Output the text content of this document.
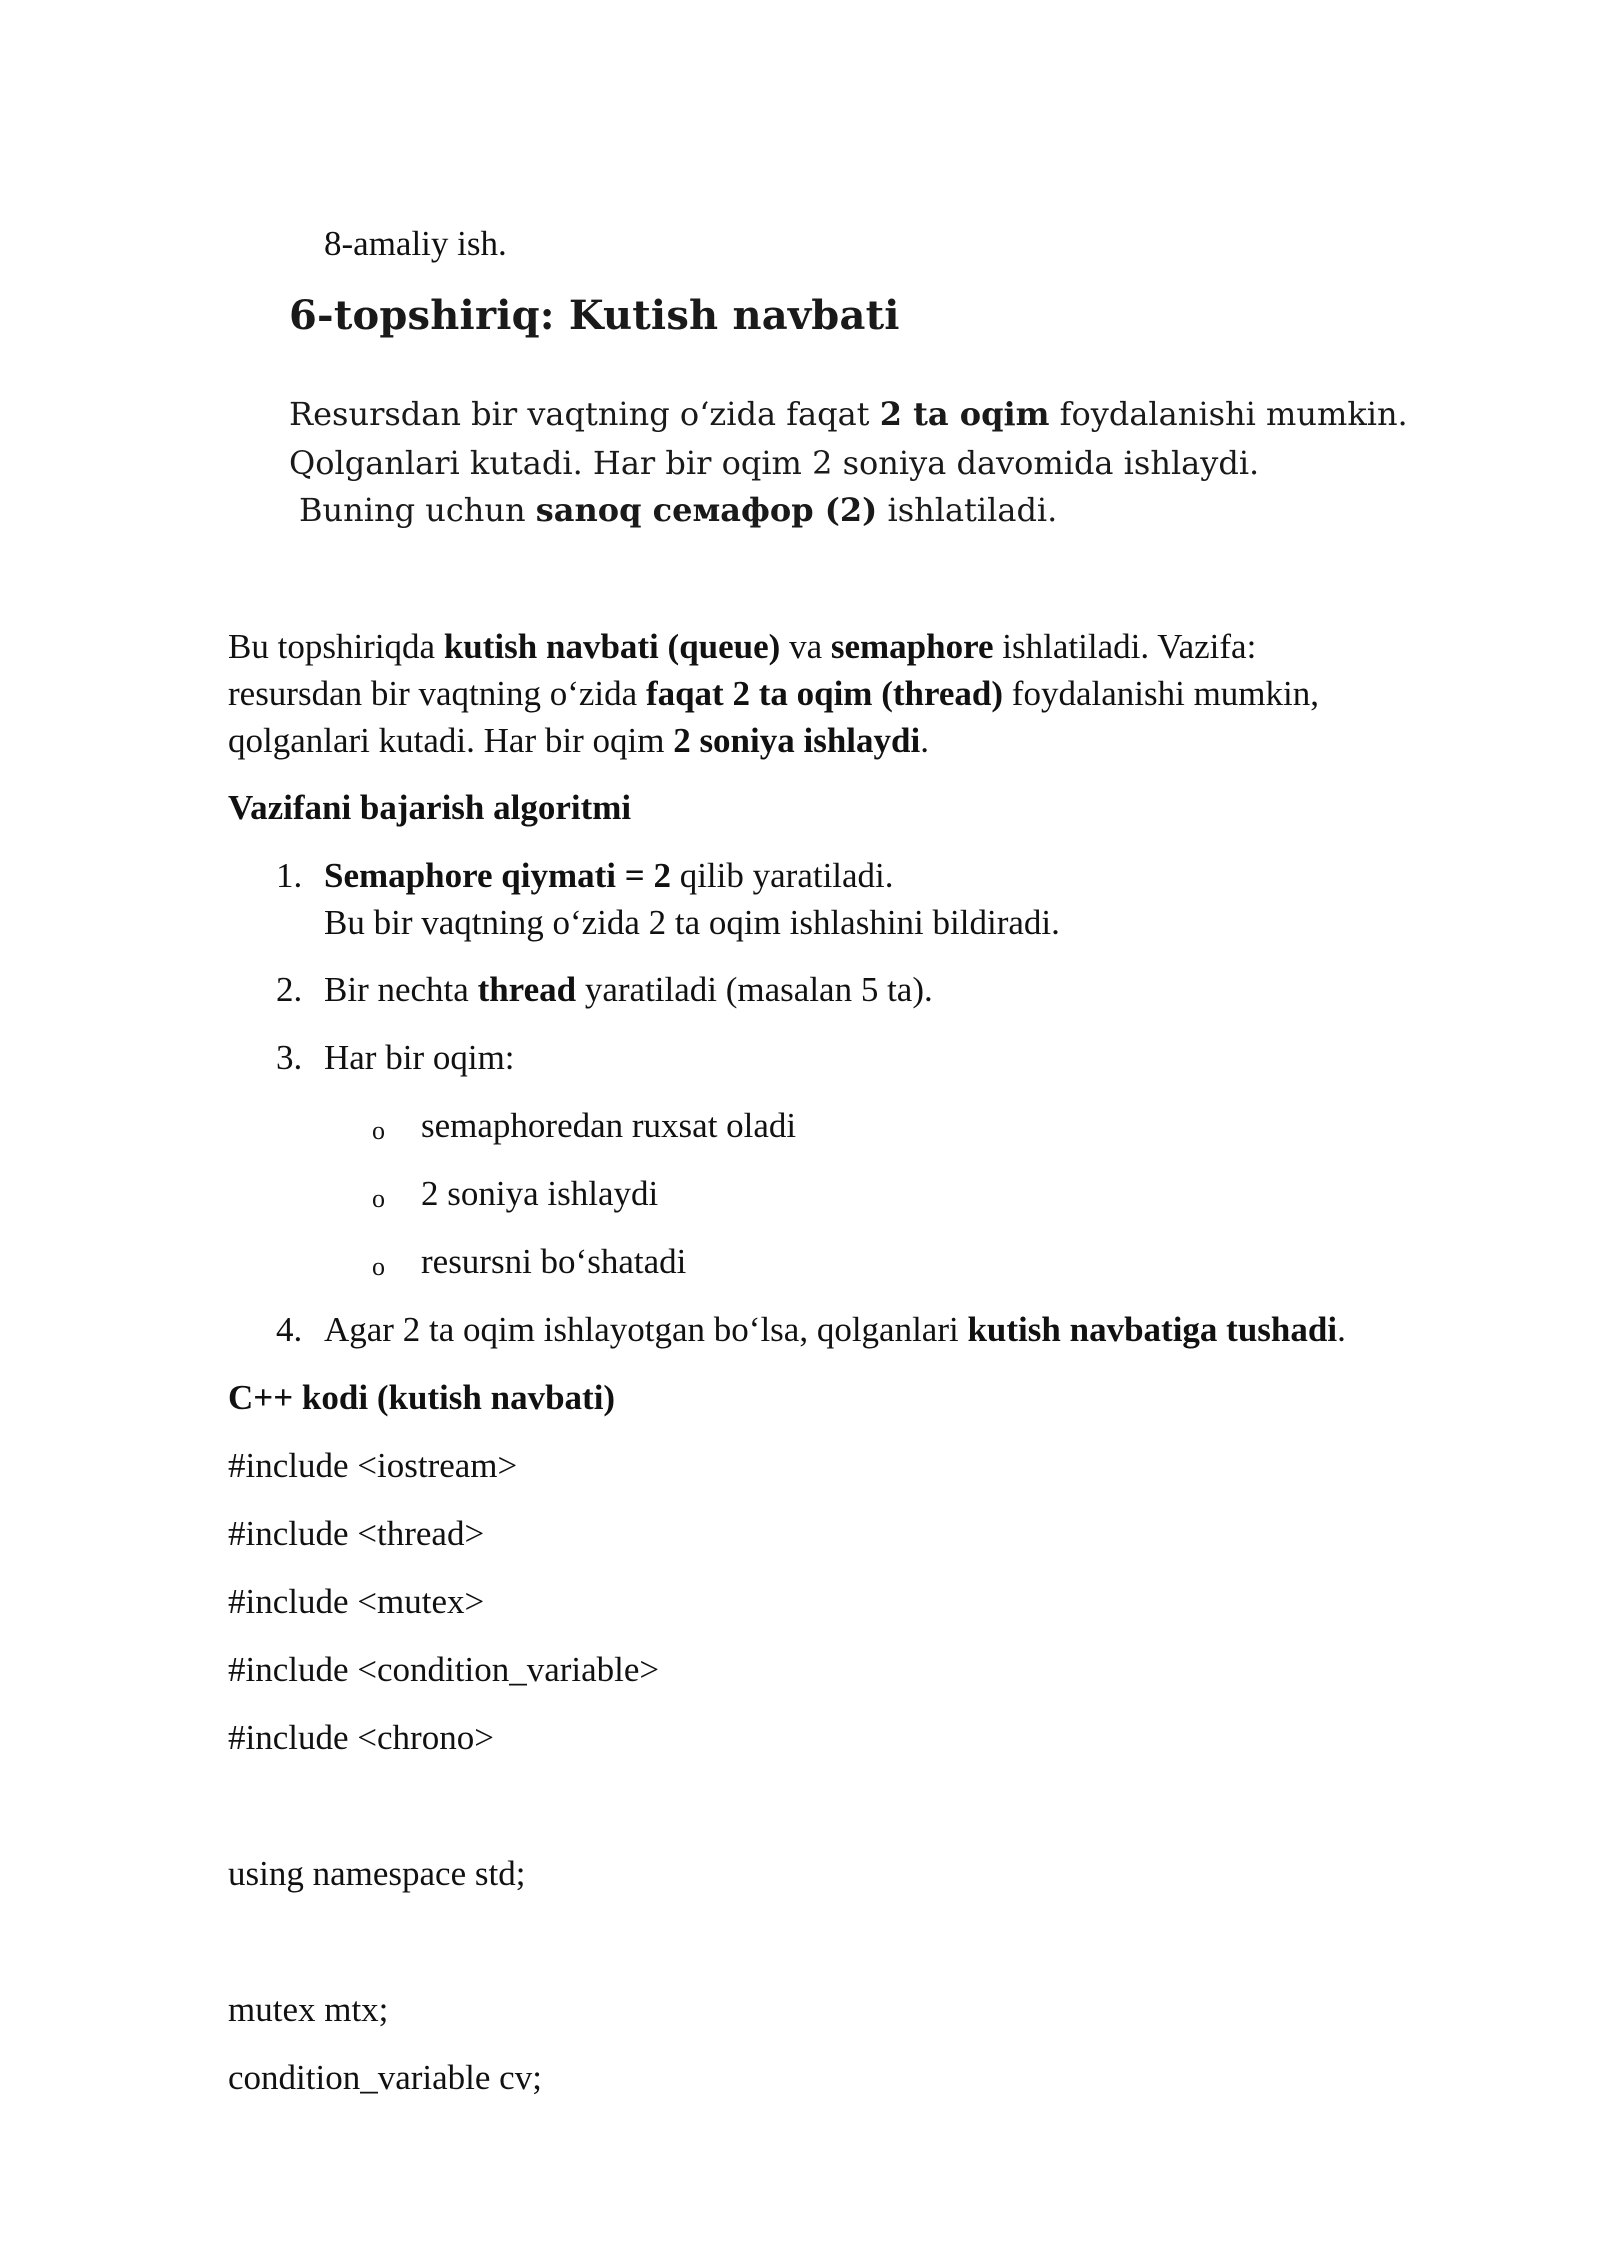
8-amaliy ish.

6-topshiriq: Kutish navbati

Resursdan bir vaqtning o‘zida faqat 2 ta oqim foydalanishi mumkin.

Qolganlari kutadi. Har bir oqim 2 soniya davomida ishlaydi.

Buning uchun sanoq семафор (2) ishlatiladi.

Bu topshiriqda kutish navbati (queue) va semaphore ishlatiladi. Vazifa:

resursdan bir vaqtning o‘zida faqat 2 ta oqim (thread) foydalanishi mumkin,

qolganlari kutadi. Har bir oqim 2 soniya ishlaydi.

Vazifani bajarish algoritmi

1. Semaphore qiymati = 2 qilib yaratiladi.

Bu bir vaqtning o‘zida 2 ta oqim ishlashini bildiradi.

2. Bir nechta thread yaratiladi (masalan 5 ta).

3. Har bir oqim:

o semaphoredan ruxsat oladi

o 2 soniya ishlaydi

o resursni bo‘shatadi

4. Agar 2 ta oqim ishlayotgan bo‘lsa, qolganlari kutish navbatiga tushadi.

C++ kodi (kutish navbati)

#include <iostream>

#include <thread>

#include <mutex>

#include <condition_variable>

#include <chrono>

using namespace std;

mutex mtx;

condition_variable cv;
